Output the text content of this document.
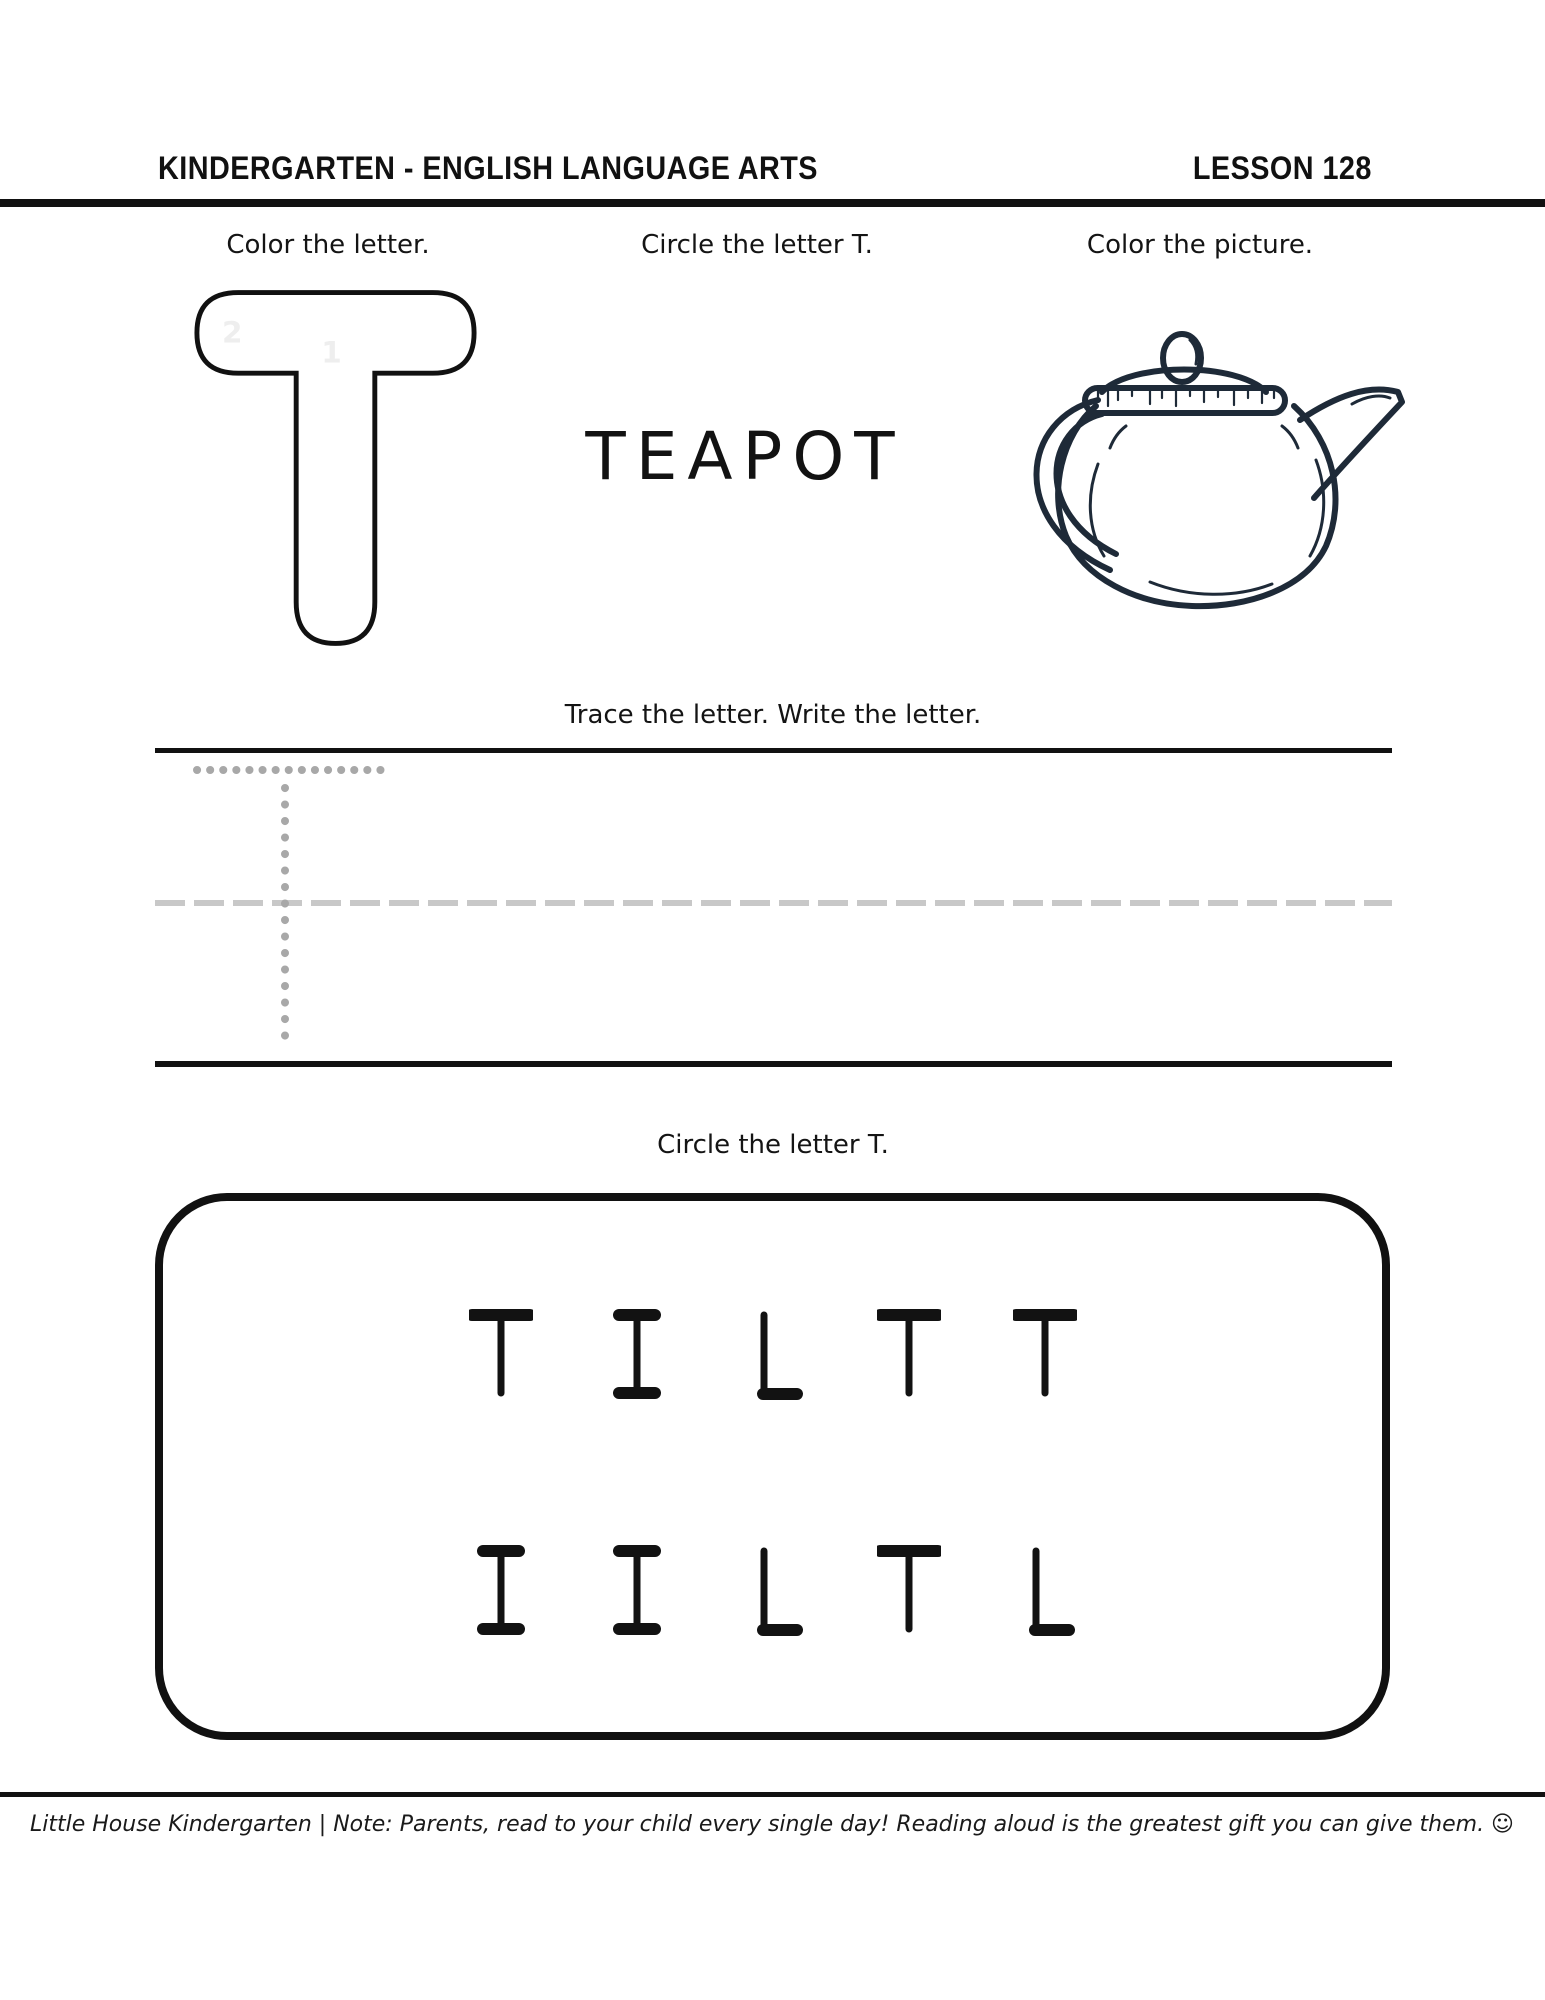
KINDERGARTEN - ENGLISH LANGUAGE ARTS	LESSON 128
Color the letter.	Circle the letter T.	Color the picture.
2
1
TEAPOT
Trace the letter. Write the letter.
Circle the letter T.
Little House Kindergarten | Note: Parents, read to your child every single day! Reading aloud is the greatest gift you can give them. ☺
